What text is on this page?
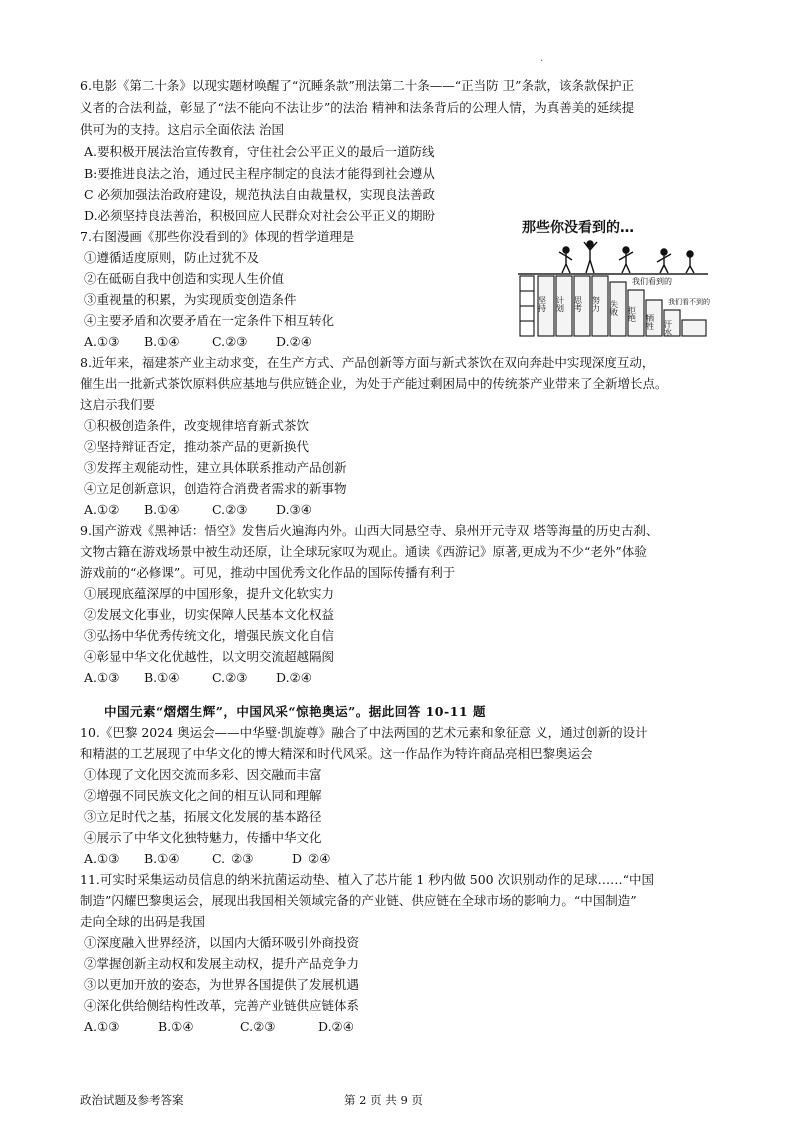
·
6.电影《第二十条》以现实题材唤醒了“沉睡条款”刑法第二十条——“正当防 卫”条款，该条款保护正
义者的合法利益，彰显了“法不能向不法让步”的法治 精神和法条背后的公理人情，为真善美的延续提
供可为的支持。这启示全面依法 治国
A.要积极开展法治宣传教育，守住社会公平正义的最后一道防线
B:要推进良法之治，通过民主程序制定的良法才能得到社会遵从
C 必须加强法治政府建设，规范执法自由裁量权，实现良法善政
D.必须坚持良法善治，积极回应人民群众对社会公平正义的期盼
7.右图漫画《那些你没看到的》体现的哲学道理是
①遵循适度原则，防止过犹不及
②在砥砺自我中创造和实现人生价值
③重视量的积累，为实现质变创造条件
④主要矛盾和次要矛盾在一定条件下相互转化
A.①③ B.①④	C.②③ D.②④
那些你没看到的…
坚持 计划 思考 努力 失败 拒绝 牺牲 汗水
我们看到的
我们看不到的
8.近年来，福建茶产业主动求变，在生产方式、产品创新等方面与新式茶饮在双向奔赴中实现深度互动，
催生出一批新式茶饮原料供应基地与供应链企业，为处于产能过剩困局中的传统茶产业带来了全新增长点。
这启示我们要
①积极创造条件，改变规律培育新式茶饮
②坚持辩证否定，推动茶产品的更新换代
③发挥主观能动性，建立具体联系推动产品创新
④立足创新意识，创造符合消费者需求的新事物
A.①② B.①④	C.②③ D.③④
9.国产游戏《黑神话：悟空》发售后火遍海内外。山西大同悬空寺、泉州开元寺双 塔等海量的历史古刹、
文物古籍在游戏场景中被生动还原，让全球玩家叹为观止。通读《西游记》原著,更成为不少“老外”体验
游戏前的“必修课”。可见，推动中国优秀文化作品的国际传播有利于
①展现底蕴深厚的中国形象，提升文化软实力
②发展文化事业，切实保障人民基本文化权益
③弘扬中华优秀传统文化，增强民族文化自信
④彰显中华文化优越性，以文明交流超越隔阂
A.①③ B.①④	C.②③ D.②④
中国元素“熠熠生辉”，中国风采“惊艳奥运”。据此回答 10-11 题
10.《巴黎 2024 奥运会——中华璧·凯旋尊》融合了中法两国的艺术元素和象征意 义，通过创新的设计
和精湛的工艺展现了中华文化的博大精深和时代风采。这一作品作为特许商品亮相巴黎奥运会
①体现了文化因交流而多彩、因交融而丰富
②增强不同民族文化之间的相互认同和理解
③立足时代之基，拓展文化发展的基本路径
④展示了中华文化独特魅力，传播中华文化
A.①③ B.①④	C. ②③	D ②④
11.可实时采集运动员信息的纳米抗菌运动垫、植入了芯片能 1 秒内做 500 次识别动作的足球……“中国
制造”闪耀巴黎奥运会，展现出我国相关领域完备的产业链、供应链在全球市场的影响力。“中国制造”
走向全球的出码是我国
①深度融入世界经济，以国内大循环吸引外商投资
②掌握创新主动权和发展主动权，提升产品竞争力
③以更加开放的姿态，为世界各国提供了发展机遇
④深化供给侧结构性改革，完善产业链供应链体系
A.①③	B.①④	C.②③	D.②④
政治试题及参考答案	第 2 页 共 9 页
